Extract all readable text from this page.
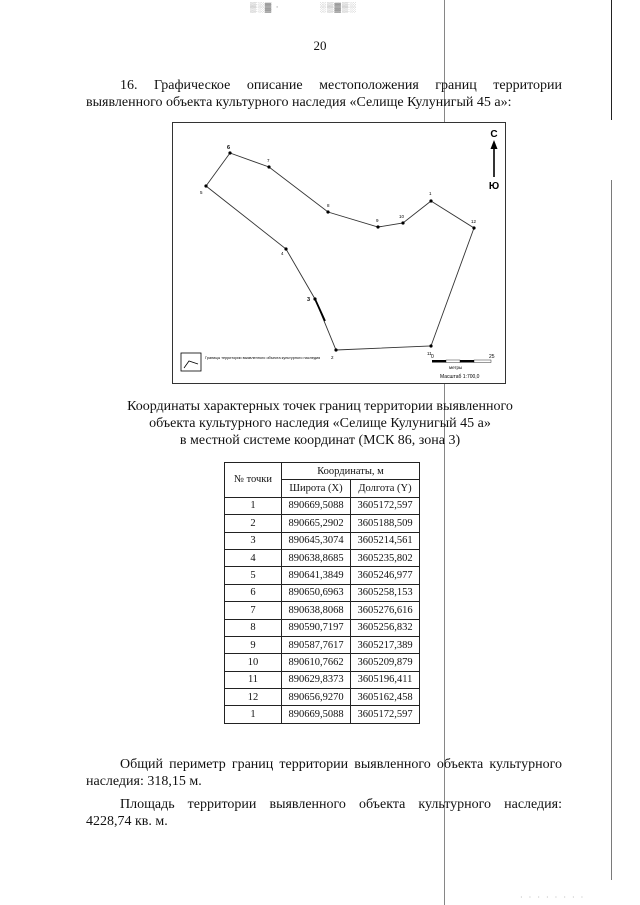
▒░▓ ·	░▒▓▒░
20
16. Графическое описание местоположения границ территории выявленного объекта культурного наследия «Селище Кулунигый 45 а»:
1
2
3
4
5
6
7
8
9
10
11
12
С
Ю
Границы территории выявленного объекта культурного наследия	0	25
метры
Масштаб 1:700,0
Координаты характерных точек границ территории выявленного
объекта культурного наследия «Селище Кулунигый 45 а»
в местной системе координат (МСК 86, зона 3)
№ точки	Координаты, м	
	Широта (X)	Долгота (Y)
1	890669,5088	3605172,597
2	890665,2902	3605188,509
3	890645,3074	3605214,561
4	890638,8685	3605235,802
5	890641,3849	3605246,977
6	890650,6963	3605258,153
7	890638,8068	3605276,616
8	890590,7197	3605256,832
9	890587,7617	3605217,389
10	890610,7662	3605209,879
11	890629,8373	3605196,411
12	890656,9270	3605162,458
1	890669,5088	3605172,597
Общий периметр границ территории выявленного объекта культурного наследия: 318,15 м.
Площадь территории выявленного объекта культурного наследия: 4228,74 кв. м.
· · · · · · · ·
